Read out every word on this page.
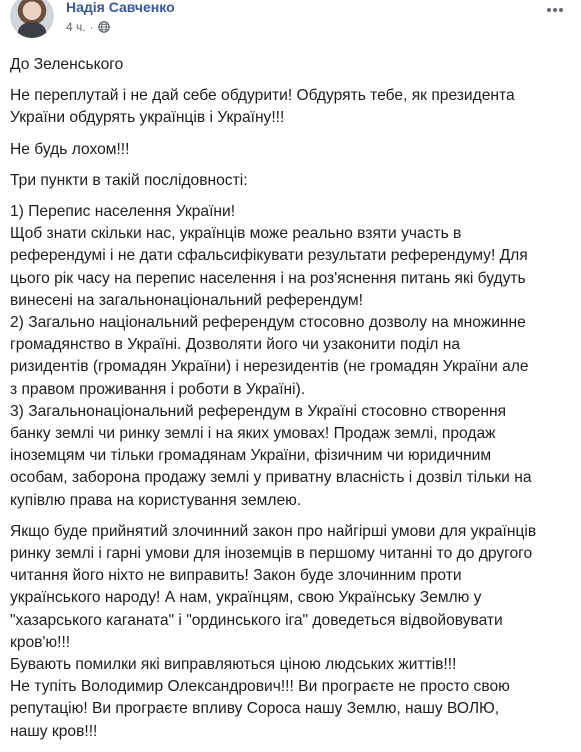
Надія Савченко
4 ч. ·

До Зеленського

Не переплутай і не дай себе обдурити! Обдурять тебе, як президента
України обдурять українців і Україну!!!

Не будь лохом!!!

Три пункти в такій послідовності:

1) Перепис населення України!
Щоб знати скільки нас, українців може реально взяти участь в
референдумі і не дати сфальсифікувати результати референдуму! Для
цього рік часу на перепис населення і на роз'яснення питань які будуть
винесені на загальнонаціональний референдум!
2) Загально національний референдум стосовно дозволу на множинне
громадянство в Україні. Дозволяти його чи узаконити поділ на
ризидентів (громадян України) і нерезидентів (не громадян України але
з правом проживання і роботи в Україні).
3) Загальнонаціональний референдум в Україні стосовно створення
банку землі чи ринку землі і на яких умовах! Продаж землі, продаж
іноземцям чи тільки громадянам України, фізичним чи юридичним
особам, заборона продажу землі у приватну власність і дозвіл тільки на
купівлю права на користування землею.

Якщо буде прийнятий злочинний закон про найгірші умови для українців
ринку землі і гарні умови для іноземців в першому читанні то до другого
читання його ніхто не виправить! Закон буде злочинним проти
українського народу! А нам, українцям, свою Українську Землю у
"хазарського каганата" і "ординського іга" доведеться відвойовувати
кров'ю!!!
Бувають помилки які виправляються ціною людських життів!!!
Не тупіть Володимир Олександрович!!! Ви програєте не просто свою
репутацію! Ви програєте впливу Сороса нашу Землю, нашу ВОЛЮ,
нашу кров!!!
